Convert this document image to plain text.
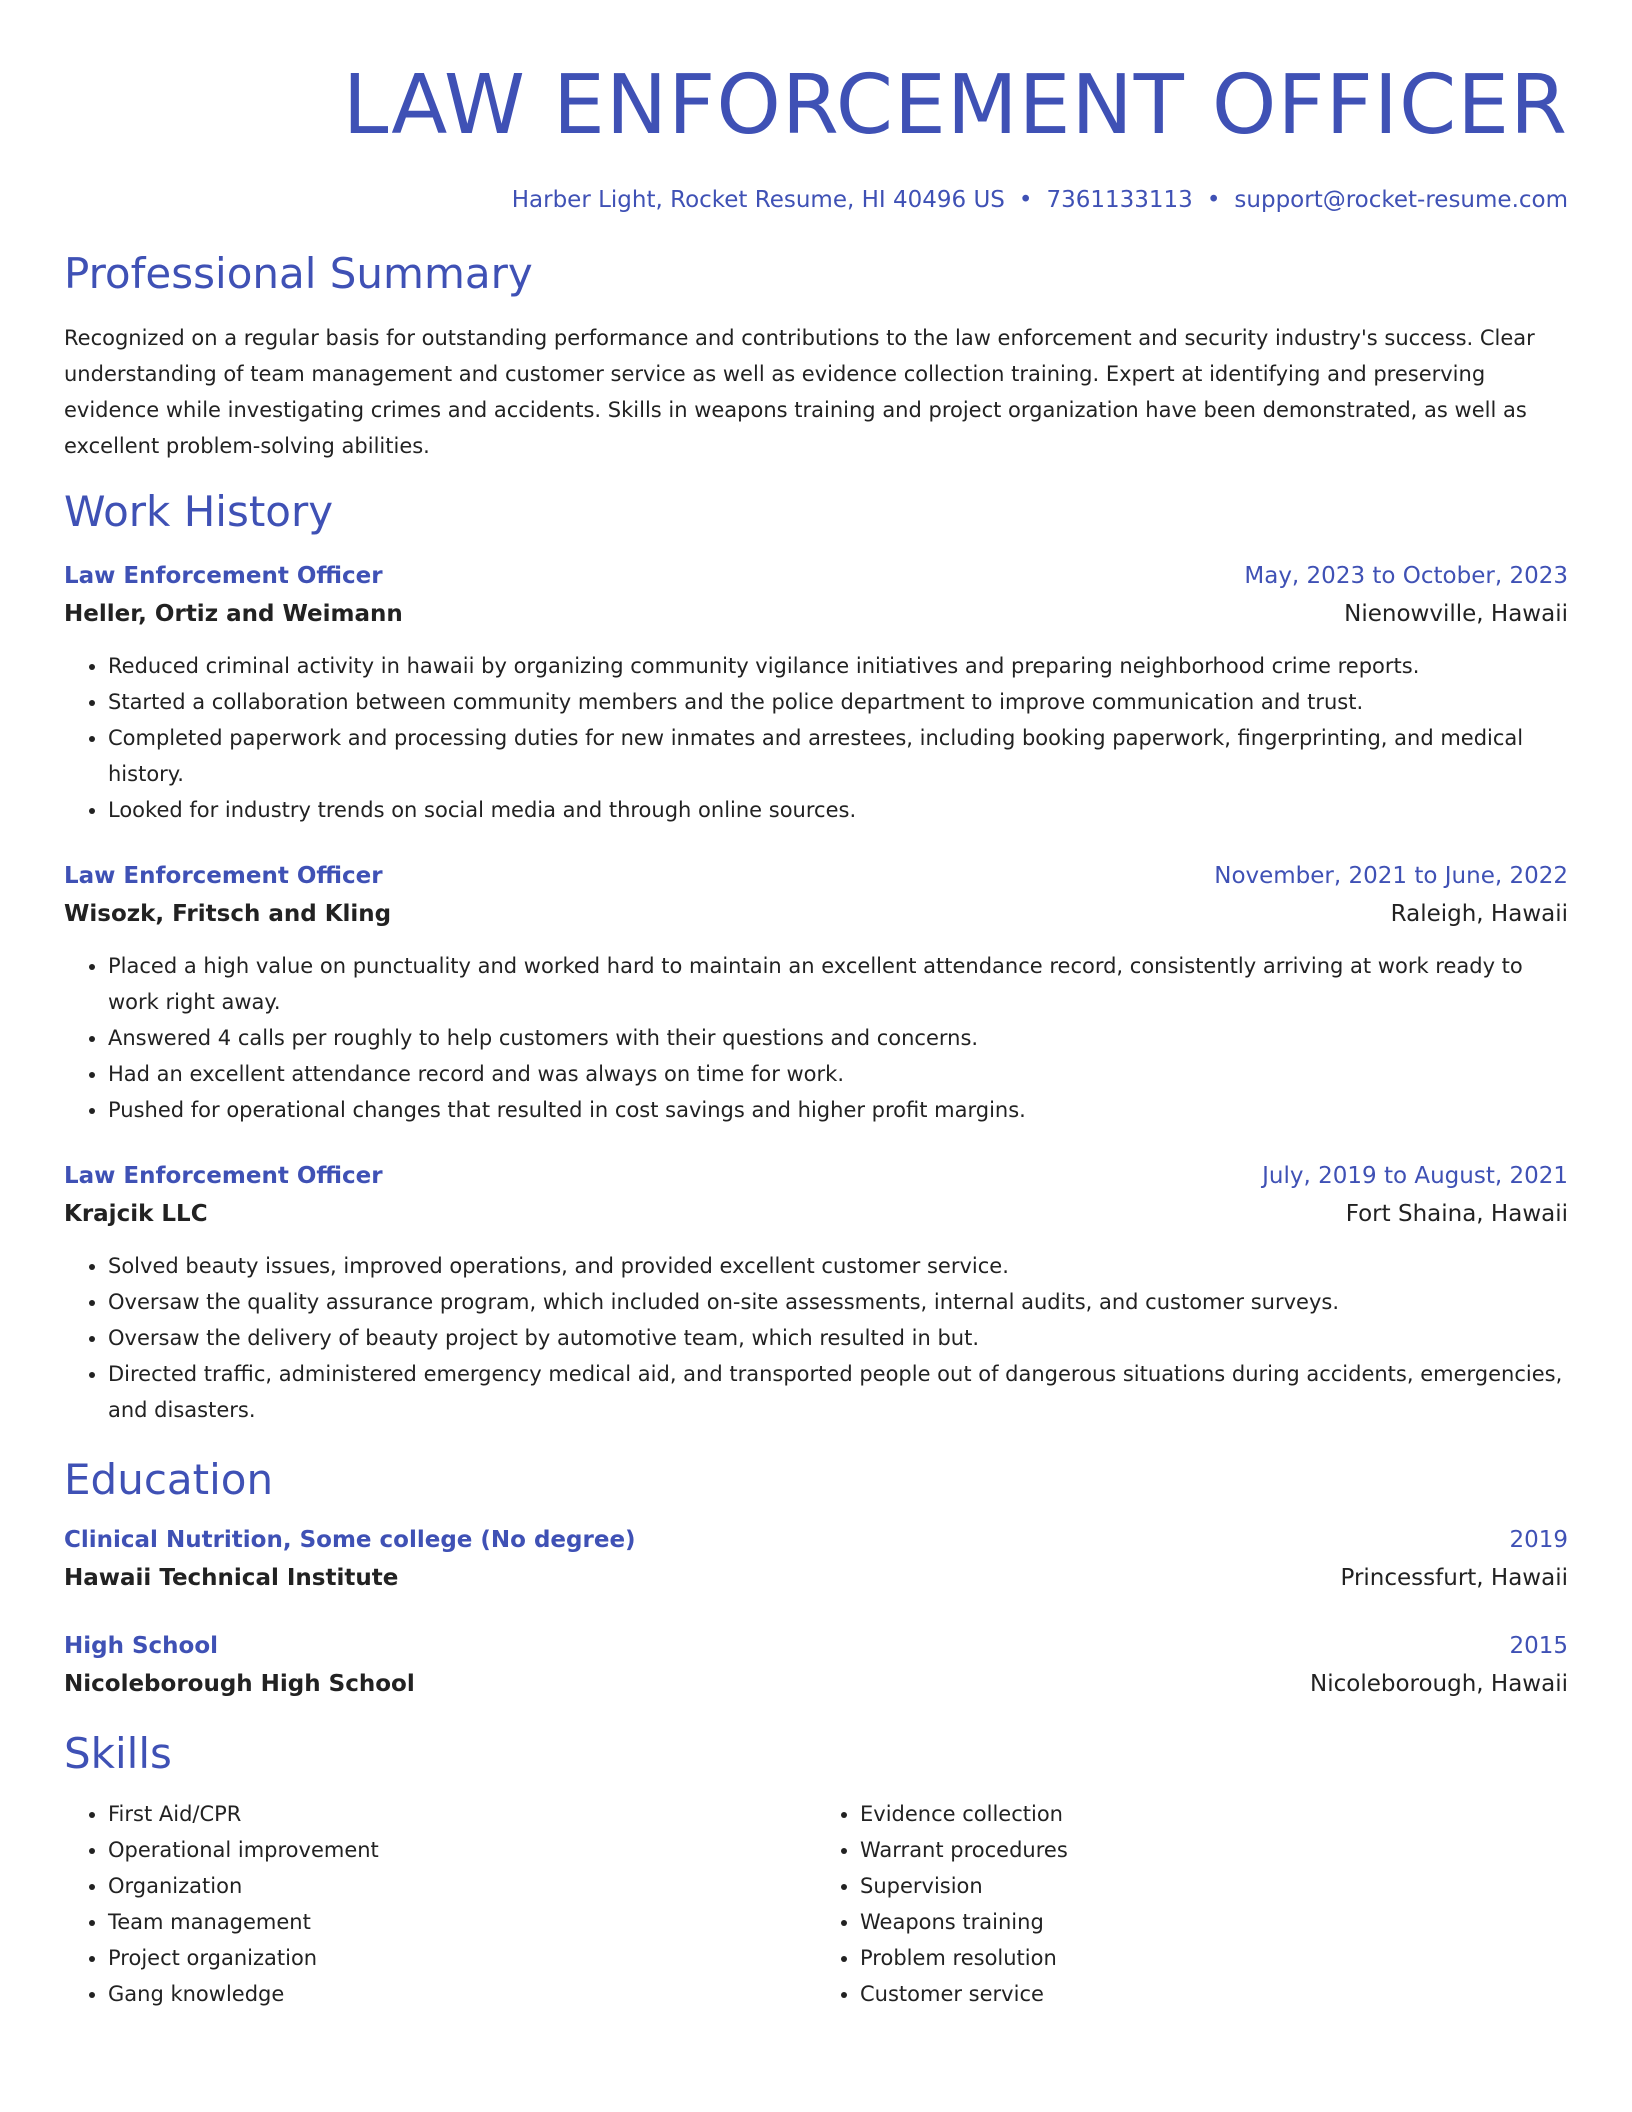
LAW ENFORCEMENT OFFICER
Harber Light, Rocket Resume, HI 40496 US • 7361133113 • support@rocket-resume.com
Professional Summary
Recognized on a regular basis for outstanding performance and contributions to the law enforcement and security industry's success. Clear understanding of team management and customer service as well as evidence collection training. Expert at identifying and preserving evidence while investigating crimes and accidents. Skills in weapons training and project organization have been demonstrated, as well as excellent problem-solving abilities.
Work History
Law Enforcement Officer	May, 2023 to October, 2023
Heller, Ortiz and Weimann	Nienowville, Hawaii
• Reduced criminal activity in hawaii by organizing community vigilance initiatives and preparing neighborhood crime reports.
• Started a collaboration between community members and the police department to improve communication and trust.
• Completed paperwork and processing duties for new inmates and arrestees, including booking paperwork, fingerprinting, and medical history.
• Looked for industry trends on social media and through online sources.
Law Enforcement Officer	November, 2021 to June, 2022
Wisozk, Fritsch and Kling	Raleigh, Hawaii
• Placed a high value on punctuality and worked hard to maintain an excellent attendance record, consistently arriving at work ready to work right away.
• Answered 4 calls per roughly to help customers with their questions and concerns.
• Had an excellent attendance record and was always on time for work.
• Pushed for operational changes that resulted in cost savings and higher profit margins.
Law Enforcement Officer	July, 2019 to August, 2021
Krajcik LLC	Fort Shaina, Hawaii
• Solved beauty issues, improved operations, and provided excellent customer service.
• Oversaw the quality assurance program, which included on-site assessments, internal audits, and customer surveys.
• Oversaw the delivery of beauty project by automotive team, which resulted in but.
• Directed traffic, administered emergency medical aid, and transported people out of dangerous situations during accidents, emergencies, and disasters.
Education
Clinical Nutrition, Some college (No degree)	2019
Hawaii Technical Institute	Princessfurt, Hawaii
High School	2015
Nicoleborough High School	Nicoleborough, Hawaii
Skills
• First Aid/CPR
• Operational improvement
• Organization
• Team management
• Project organization
• Gang knowledge
• Evidence collection
• Warrant procedures
• Supervision
• Weapons training
• Problem resolution
• Customer service
